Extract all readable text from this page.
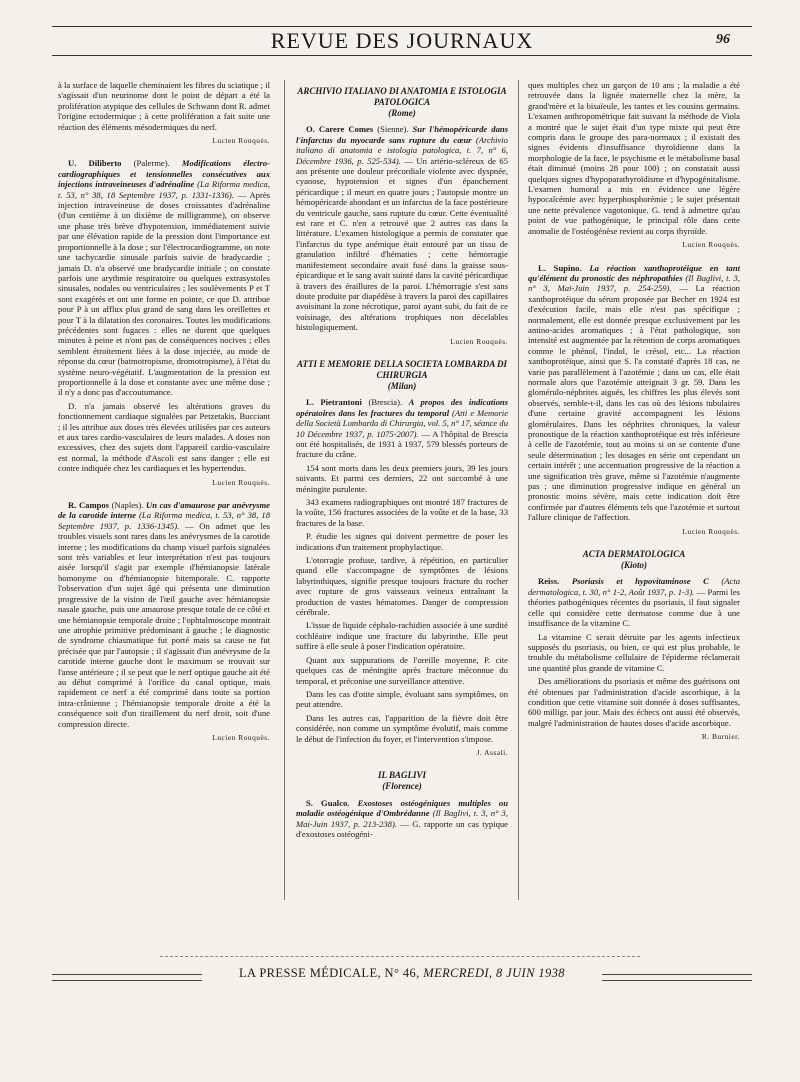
REVUE DES JOURNAUX	96

à la surface de laquelle cheminaient les fibres du sciatique ; il s'agissait d'un neurinome dont le point de départ a été la prolifération atypique des cellules de Schwann dont R. admet l'origine ectodermique ; à cette prolifération a fait suite une réaction des éléments mésodermiques du nerf.

Lucien Rouquès.

U. Diliberto (Palerme). Modifications électro-cardiographiques et tensionnelles consécutives aux injections intraveineuses d'adrénaline (La Riforma medica, t. 53, n° 38, 18 Septembre 1937, p. 1331-1336). — Après injection intraveineuse de doses croissantes d'adrénaline (d'un centième à un dixième de milligramme), on observe une phase très brève d'hypotension, immédiatement suivie par une élévation rapide de la pression dont l'importance est proportionnelle à la dose ; sur l'électrocardiogramme, on note une tachycardie sinusale parfois suivie de bradycardie ; jamais D. n'a observé une bradycardie initiale ; on constate parfois une arythmie respiratoire ou quelques extrasystoles sinusales, nodales ou ventriculaires ; les soulèvements P et T sont exagérés et ont une forme en pointe, ce que D. attribue pour P à un afflux plus grand de sang dans les oreillettes et pour T à la dilatation des coronaires. Toutes les modifications précédentes sont fugaces : elles ne durent que quelques minutes à peine et n'ont pas de conséquences nocives ; elles semblent étroitement liées à la dose injectée, au mode de réponse du cœur (batmotropisme, dromotropisme), à l'état du système neuro-végétatif. L'augmentation de la pression est proportionnelle à la dose et constante avec une même dose ; il n'y a donc pas d'accoutumance.

D. n'a jamais observé les altérations graves du fonctionnement cardiaque signalées par Petzetakis, Bucciant ; il les attribue aux doses très élevées utilisées par ces auteurs et aux tares cardio-vasculaires de leurs malades. A doses non excessives, chez des sujets dont l'appareil cardio-vasculaire est normal, la méthode d'Ascoli est sans danger ; elle est contre indiquée chez les cardiaques et les hypertendus.

Lucien Rouquès.

R. Campos (Naples). Un cas d'amaurose par anévrysme de la carotide interne (La Riforma medica, t. 53, n° 38, 18 Septembre 1937, p. 1336-1345). — On admet que les troubles visuels sont rares dans les anévrysmes de la carotide interne ; les modifications du champ visuel parfois signalées sont très variables et leur interprétation n'est pas toujours aisée lorsqu'il s'agit par exemple d'hémianopsie latérale homonyme ou d'hémianopsie bitemporale. C. rapporte l'observation d'un sujet âgé qui présenta une diminution progressive de la vision de l'œil gauche avec hémianopsie nasale gauche, puis une amaurose presque totale de ce côté et une hémianopsie temporale droite ; l'ophtalmoscope montrait une atrophie primitive prédominant à gauche ; le diagnostic de syndrome chiasmatique fut porté mais sa cause ne fut précisée que par l'autopsie ; il s'agissait d'un anévrysme de la carotide interne gauche dont le maximum se trouvait sur l'anse antérieure ; il se peut que le nerf optique gauche ait été au début comprimé à l'orifice du canal optique, mais rapidement ce nerf a été comprimé dans toute sa portion intra-crânienne ; l'hémianopsie temporale droite a été la conséquence soit d'un tiraillement du nerf droit, soit d'une compression directe.

Lucien Rouquès.
ARCHIVIO ITALIANO DI ANATOMIA E ISTOLOGIA PATOLOGICA
(Rome)

O. Carere Comes (Sienne). Sur l'hémopéricarde dans l'infarctus du myocarde sans rupture du cœur (Archivio italiano di anatomia e istologia patologica, t. 7, n° 6, Décembre 1936, p. 525-534). — Un artério-scléreux de 65 ans présente une douleur précordiale violente avec dyspnée, cyanose, hypotension et signes d'un épanchement péricardique ; il meurt en quatre jours ; l'autopsie montre un hémopéricarde abondant et un infarctus de la face postérieure du ventricule gauche, sans rupture du cœur. Cette éventualité est rare et C. n'en a retrouvé que 2 autres cas dans la littérature. L'examen histologique a permis de constater que l'infarctus du type anémique était entouré par un tissu de granulation infiltré d'hématies ; cette hémorragie manifestement secondaire avait fusé dans la graisse sous-épicardique et le sang avait suinté dans la cavité péricardique à travers des éraillures de la paroi. L'hémorragie s'est sans doute produite par diapédèse à travers la paroi des capillaires avoisinant la zone nécrotique, paroi ayant subi, du fait de ce voisinage, des altérations trophiques non décelables histologiquement.

Lucien Rouquès.
ATTI E MEMORIE DELLA SOCIETA LOMBARDA DI CHIRURGIA
(Milan)

L. Pietrantoni (Brescia). A propos des indications opératoires dans les fractures du temporal (Atti e Memorie della Società Lombarda di Chirurgia, vol. 5, n° 17, séance du 10 Décembre 1937, p. 1075-2007). — A l'hôpital de Brescia ont été hospitalisés, de 1931 à 1937, 579 blessés porteurs de fracture du crâne.

154 sont morts dans les deux premiers jours, 39 les jours suivants. Et parmi ces derniers, 22 ont succombé à une méningite purulente.

343 examens radiographiques ont montré 187 fractures de la voûte, 156 fractures associées de la voûte et de la base, 33 fractures de la base.

P. étudie les signes qui doivent permettre de poser les indications d'un traitement prophylactique.

L'otorragie profuse, tardive, à répétition, en particulier quand elle s'accompagne de symptômes de lésions labyrinthiques, signifie presque toujours fracture du rocher avec rupture de gros vaisseaux veineux entraînant la production de vastes hématomes. Danger de compression cérébrale.

L'issue de liquide céphalo-rachidien associée à une surdité cochléaire indique une fracture du labyrinthe. Elle peut suffire à elle seule à poser l'indication opératoire.

Quant aux suppurations de l'oreille moyenne, P. cite quelques cas de méningite après fracture méconnue du temporal, et préconise une surveillance attentive.

Dans les cas d'otite simple, évoluant sans symptômes, on peut attendre.

Dans les autres cas, l'apparition de la fièvre doit être considérée, non comme un symptôme évolutif, mais comme le début de l'infection du foyer, et l'intervention s'impose.

J. Assali.
IL BAGLIVI
(Florence)

S. Gualco. Exostoses ostéogéniques multiples ou maladie ostéogénique d'Ombrédanne (Il Baglivi, t. 3, n° 3, Mai-Juin 1937, p. 213-238). — G. rapporte un cas typique d'exostoses ostéogéni-

ques multiples chez un garçon de 10 ans ; la maladie a été retrouvée dans la lignée maternelle chez la mère, la grand'mère et la bisaïeule, les tantes et les cousins germains. L'examen anthropométrique fait suivant la méthode de Viola a montré que le sujet était d'un type mixte qui peut être compris dans le groupe des para-normaux ; il existait des signes évidents d'insuffisance thyroïdienne dans la morphologie de la face, le psychisme et le métabolisme basal était diminué (moins 28 pour 100) ; on constatait aussi quelques signes d'hypoparathyroïdisme et d'hypogénitalisme. L'examen humoral a mis en évidence une légère hypocalcémie avec hyperphosphorémie ; le sujet présentait une nette prévalence vagotonique. G. tend à admettre qu'au point de vue pathogénique, le principal rôle dans cette anomalie de l'ostéogénèse revient au corps thyroïde.

Lucien Rouquès.

L. Supino. La réaction xanthoprotéique en tant qu'élément du pronostic des néphropathies (Il Baglivi, t. 3, n° 3, Mai-Juin 1937, p. 254-259). — La réaction xanthoprotéique du sérum proposée par Becher en 1924 est d'exécution facile, mais elle n'est pas spécifique ; normalement, elle est donnée presque exclusivement par les amino-acides aromatiques ; à l'état pathologique, son intensité est augmentée par la rétention de corps aromatiques comme le phénol, l'indol, le crésol, etc... La réaction xanthoprotéique, ainsi que S. l'a constaté d'après 18 cas, ne varie pas parallèlement à l'azotémie ; dans un cas, elle était normale alors que l'azotémie atteignait 3 gr. 59. Dans les glomérulo-néphrites aiguës, les chiffres les plus élevés sont observés, semble-t-il, dans les cas où des lésions tubulaires d'une certaine gravité accompagnent les lésions glomérulaires. Dans les néphrites chroniques, la valeur pronostique de la réaction xanthoprotéique est très inférieure à celle de l'azotémie, tout au moins si on se contente d'une seule détermination ; les dosages en série ont cependant un certain intérêt ; une accentuation progressive de la réaction a une signification très grave, même si l'azotémie n'augmente pas ; une diminution progressive indique en général un pronostic moins sévère, mais cette indication doit être confirmée par d'autres éléments tels que l'azotémie et surtout l'allure clinique de l'affection.

Lucien Rouquès.
ACTA DERMATOLOGICA
(Kioto)

Reiss. Psoriasis et hypovitaminose C (Acta dermatologica, t. 30, n° 1-2, Août 1937, p. 1-3). — Parmi les théories pathogéniques récentes du psoriasis, il faut signaler celle qui considère cette dermatose comme due à une insuffisance de la vitamine C.

La vitamine C serait détruite par les agents infectieux supposés du psoriasis, ou bien, ce qui est plus probable, le trouble du métabolisme cellulaire de l'épiderme réclamerait une quantité plus grande de vitamine C.

Des améliorations du psoriasis et même des guérisons ont été obtenues par l'administration d'acide ascorbique, à la condition que cette vitamine soit donnée à doses suffisantes, 600 milligr. par jour. Mais des échecs ont aussi été observés, malgré l'administration de hautes doses d'acide ascorbique.

R. Burnier.
LA PRESSE MÉDICALE, N° 46, MERCREDI, 8 JUIN 1938
